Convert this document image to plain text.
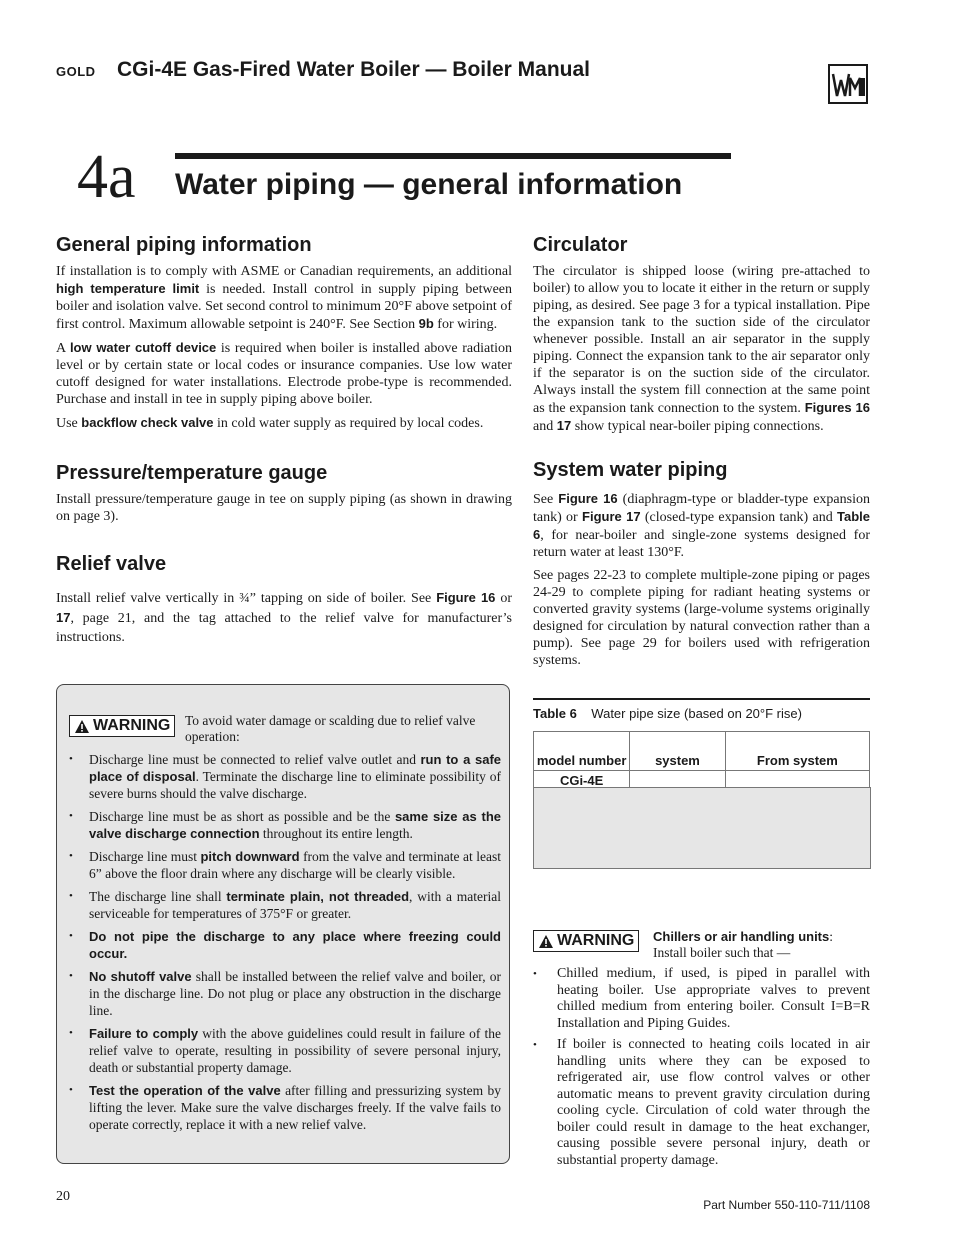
GOLD CGi-4E Gas-Fired Water Boiler — Boiler Manual
4a Water piping — general information
General piping information

If installation is to comply with ASME or Canadian requirements, an additional high temperature limit is needed. Install control in supply piping between boiler and isolation valve. Set second control to minimum 20°F above setpoint of first control. Maximum allowable setpoint is 240°F. See Section 9b for wiring.

A low water cutoff device is required when boiler is installed above radiation level or by certain state or local codes or insurance companies. Use low water cutoff designed for water installations. Electrode probe-type is recommended. Purchase and install in tee in supply piping above boiler.

Use backflow check valve in cold water supply as required by local codes.

Pressure/temperature gauge

Install pressure/temperature gauge in tee on supply piping (as shown in drawing on page 3).

Relief valve

Install relief valve vertically in ¾” tapping on side of boiler. See Figure 16 or 17, page 21, and the tag attached to the relief valve for manufacturer’s instructions.

WARNING To avoid water damage or scalding due to relief valve operation:
• Discharge line must be connected to relief valve outlet and run to a safe place of disposal. Terminate the discharge line to eliminate possibility of severe burns should the valve discharge.
• Discharge line must be as short as possible and be the same size as the valve discharge connection throughout its entire length.
• Discharge line must pitch downward from the valve and terminate at least 6” above the floor drain where any discharge will be clearly visible.
• The discharge line shall terminate plain, not threaded, with a material serviceable for temperatures of 375°F or greater.
• Do not pipe the discharge to any place where freezing could occur.
• No shutoff valve shall be installed between the relief valve and boiler, or in the discharge line. Do not plug or place any obstruction in the discharge line.
• Failure to comply with the above guidelines could result in failure of the relief valve to operate, resulting in possibility of severe personal injury, death or substantial property damage.
• Test the operation of the valve after filling and pressurizing system by lifting the lever. Make sure the valve discharges freely. If the valve fails to operate correctly, replace it with a new relief valve.
Circulator

The circulator is shipped loose (wiring pre-attached to boiler) to allow you to locate it either in the return or supply piping, as desired. See page 3 for a typical installation. Pipe the expansion tank to the suction side of the circulator whenever possible. Install an air separator in the supply piping. Connect the expansion tank to the air separator only if the separator is on the suction side of the circulator. Always install the system fill connection at the same point as the expansion tank connection to the system. Figures 16 and 17 show typical near-boiler piping connections.

System water piping

See Figure 16 (diaphragm-type or bladder-type expansion tank) or Figure 17 (closed-type expansion tank) and Table 6, for near-boiler and single-zone systems designed for return water at least 130°F.

See pages 22-23 to complete multiple-zone piping or pages 24-29 to complete piping for radiant heating systems or converted gravity systems (large-volume systems originally designed for circulation by natural convection rather than a pump). See page 29 for boilers used with refrigeration systems.

Table 6 Water pipe size (based on 20°F rise)
model number	system	From system
CGi-4E		
WARNING Chillers or air handling units:
Install boiler such that —
• Chilled medium, if used, is piped in parallel with heating boiler. Use appropriate valves to prevent chilled medium from entering boiler. Consult I=B=R Installation and Piping Guides.
• If boiler is connected to heating coils located in air handling units where they can be exposed to refrigerated air, use flow control valves or other automatic means to prevent gravity circulation during cooling cycle. Circulation of cold water through the boiler could result in damage to the heat exchanger, causing possible severe personal injury, death or substantial property damage.
20
Part Number 550-110-711/1108
